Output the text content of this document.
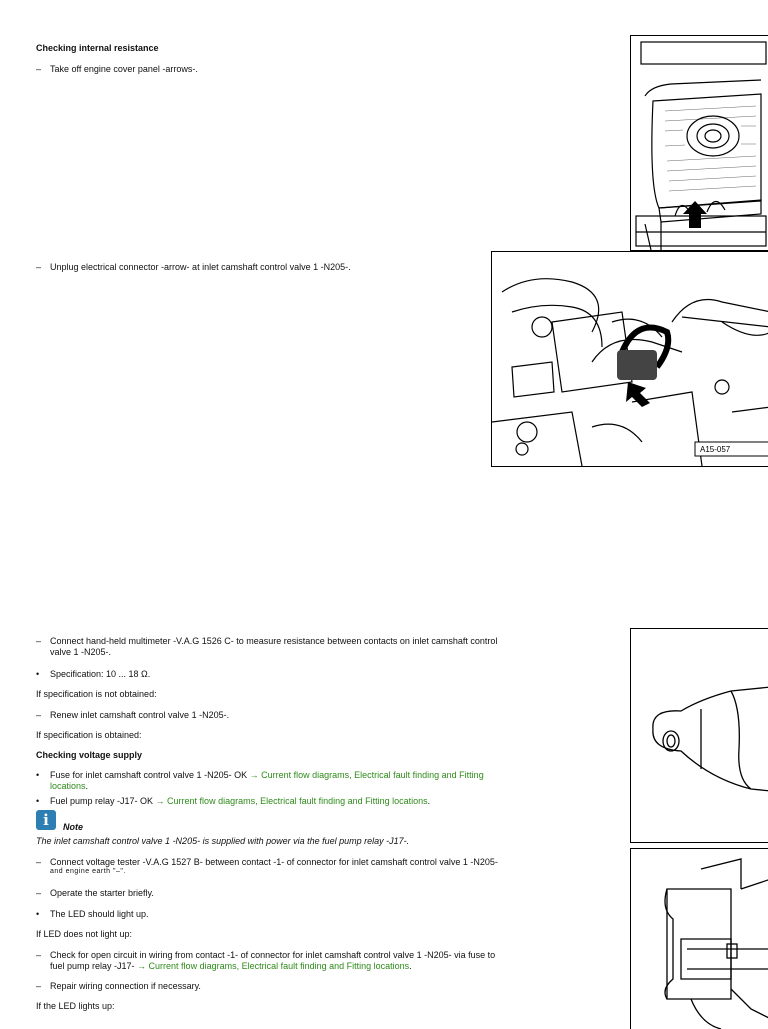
Checking internal resistance
– Take off engine cover panel -arrows-.
– Unplug electrical connector -arrow- at inlet camshaft control valve 1 -N205-.
A15-057
– Connect hand-held multimeter -V.A.G 1526 C- to measure resistance between contacts on inlet camshaft control
valve 1 -N205-.
• Specification: 10 ... 18 Ω.
If specification is not obtained:
– Renew inlet camshaft control valve 1 -N205-.
If specification is obtained:
Checking voltage supply
• Fuse for inlet camshaft control valve 1 -N205- OK → Current flow diagrams, Electrical fault finding and Fitting
locations.
• Fuel pump relay -J17- OK → Current flow diagrams, Electrical fault finding and Fitting locations.
i	Note
The inlet camshaft control valve 1 -N205- is supplied with power via the fuel pump relay -J17-.
– Connect voltage tester -V.A.G 1527 B- between contact -1- of connector for inlet camshaft control valve 1 -N205-
and engine earth "–".
– Operate the starter briefly.
• The LED should light up.
If LED does not light up:
– Check for open circuit in wiring from contact -1- of connector for inlet camshaft control valve 1 -N205- via fuse to
fuel pump relay -J17- → Current flow diagrams, Electrical fault finding and Fitting locations.
– Repair wiring connection if necessary.
If the LED lights up:
